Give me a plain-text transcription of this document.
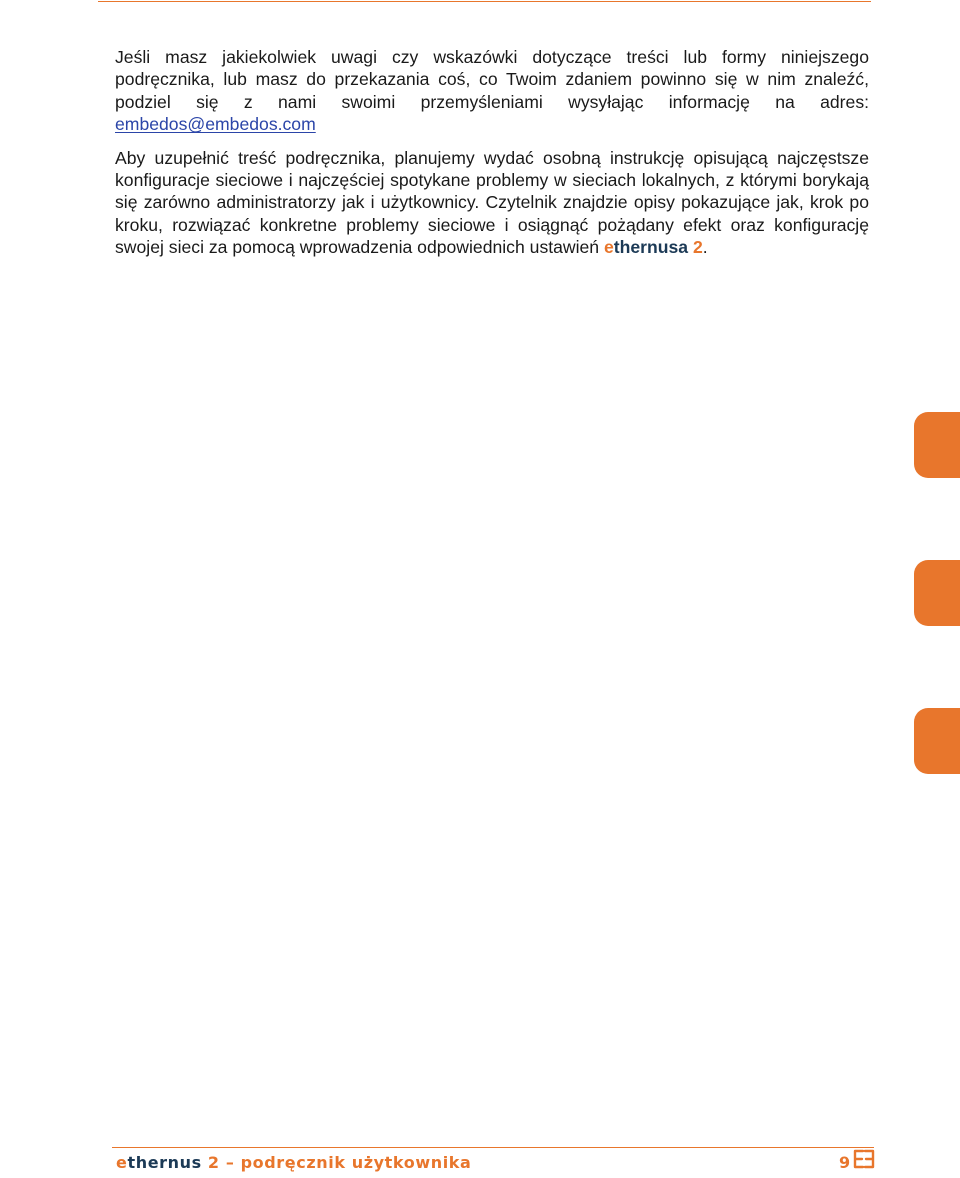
Jeśli masz jakiekolwiek uwagi czy wskazówki dotyczące treści lub formy niniejszego podręcznika, lub masz do przekazania coś, co Twoim zdaniem powinno się w nim znaleźć, podziel się z nami swoimi przemyśleniami wysyłając informację na adres: embedos@embedos.com

Aby uzupełnić treść podręcznika, planujemy wydać osobną instrukcję opisującą najczęstsze konfiguracje sieciowe i najczęściej spotykane problemy w sieciach lokalnych, z którymi borykają się zarówno administratorzy jak i użytkownicy. Czytelnik znajdzie opisy pokazujące jak, krok po kroku, rozwiązać konkretne problemy sieciowe i osiągnąć pożądany efekt oraz konfigurację swojej sieci za pomocą wprowadzenia odpowiednich ustawień ethernusa 2.

ethernus 2 – podręcznik użytkownika	9
